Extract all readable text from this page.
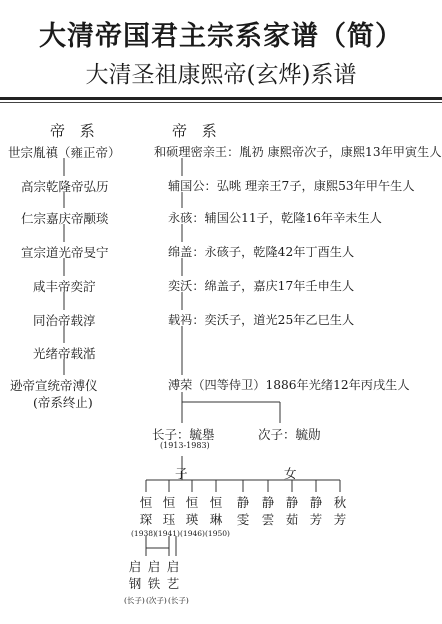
大清帝国君主宗系家谱（简）
大清圣祖康熙帝(玄烨)系谱
帝 系	帝 系
世宗胤禛（雍正帝）
高宗乾隆帝弘历
仁宗嘉庆帝颙琰
宣宗道光帝旻宁
咸丰帝奕詝
同治帝载淳
光绪帝载湉
逊帝宣统帝溥仪
(帝系终止)
和硕理密亲王：胤礽 康熙帝次子，康熙13年甲寅生人
辅国公：弘晀 理亲王7子，康熙53年甲午生人
永硋：辅国公11子，乾隆16年辛未生人
绵盖：永硋子，乾隆42年丁酉生人
奕沃：绵盖子，嘉庆17年壬申生人
载祃：奕沃子，道光25年乙巳生人
溥荣（四等侍卫）1886年光绪12年丙戌生人
长子：毓𡒊
(1913-1983)
次子：毓勋
子	女
恒
琛
恒
珏
恒
瑛
恒
琳
(1938) (1941) (1946) (1950)
静
雯
静
雲
静
茹
静
芳
秋
芳
启
钢
启
铁
启
艺
(长子) (次子) (长子)
